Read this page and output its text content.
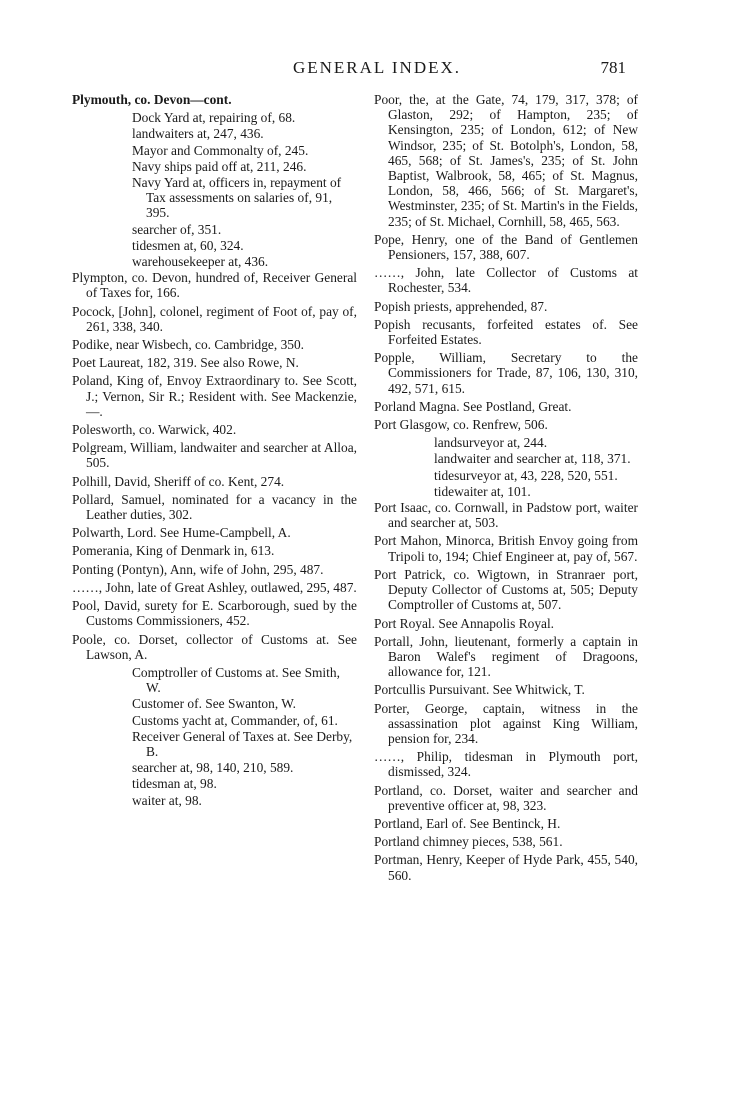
GENERAL INDEX.	781
Plymouth, co. Devon—cont.
Dock Yard at, repairing of, 68.
landwaiters at, 247, 436.
Mayor and Commonalty of, 245.
Navy ships paid off at, 211, 246.
Navy Yard at, officers in, repayment of Tax assessments on salaries of, 91, 395.
searcher of, 351.
tidesmen at, 60, 324.
warehousekeeper at, 436.
Plympton, co. Devon, hundred of, Receiver General of Taxes for, 166.
Pocock, [John], colonel, regiment of Foot of, pay of, 261, 338, 340.
Podike, near Wisbech, co. Cambridge, 350.
Poet Laureat, 182, 319. See also Rowe, N.
Poland, King of, Envoy Extraordinary to. See Scott, J.; Vernon, Sir R.; Resident with. See Mackenzie, —.
Polesworth, co. Warwick, 402.
Polgream, William, landwaiter and searcher at Alloa, 505.
Polhill, David, Sheriff of co. Kent, 274.
Pollard, Samuel, nominated for a vacancy in the Leather duties, 302.
Polwarth, Lord. See Hume-Campbell, A.
Pomerania, King of Denmark in, 613.
Ponting (Pontyn), Ann, wife of John, 295, 487.
……, John, late of Great Ashley, outlawed, 295, 487.
Pool, David, surety for E. Scarborough, sued by the Customs Commissioners, 452.
Poole, co. Dorset, collector of Customs at. See Lawson, A.
Comptroller of Customs at. See Smith, W.
Customer of. See Swanton, W.
Customs yacht at, Commander, of, 61.
Receiver General of Taxes at. See Derby, B.
searcher at, 98, 140, 210, 589.
tidesman at, 98.
waiter at, 98.
Poor, the, at the Gate, 74, 179, 317, 378; of Glaston, 292; of Hampton, 235; of Kensington, 235; of London, 612; of New Windsor, 235; of St. Botolph's, London, 58, 465, 568; of St. James's, 235; of St. John Baptist, Walbrook, 58, 465; of St. Magnus, London, 58, 466, 566; of St. Margaret's, Westminster, 235; of St. Martin's in the Fields, 235; of St. Michael, Cornhill, 58, 465, 563.
Pope, Henry, one of the Band of Gentlemen Pensioners, 157, 388, 607.
……, John, late Collector of Customs at Rochester, 534.
Popish priests, apprehended, 87.
Popish recusants, forfeited estates of. See Forfeited Estates.
Popple, William, Secretary to the Commissioners for Trade, 87, 106, 130, 310, 492, 571, 615.
Porland Magna. See Postland, Great.
Port Glasgow, co. Renfrew, 506.
landsurveyor at, 244.
landwaiter and searcher at, 118, 371.
tidesurveyor at, 43, 228, 520, 551.
tidewaiter at, 101.
Port Isaac, co. Cornwall, in Padstow port, waiter and searcher at, 503.
Port Mahon, Minorca, British Envoy going from Tripoli to, 194; Chief Engineer at, pay of, 567.
Port Patrick, co. Wigtown, in Stranraer port, Deputy Collector of Customs at, 505; Deputy Comptroller of Customs at, 507.
Port Royal. See Annapolis Royal.
Portall, John, lieutenant, formerly a captain in Baron Walef's regiment of Dragoons, allowance for, 121.
Portcullis Pursuivant. See Whitwick, T.
Porter, George, captain, witness in the assassination plot against King William, pension for, 234.
……, Philip, tidesman in Plymouth port, dismissed, 324.
Portland, co. Dorset, waiter and searcher and preventive officer at, 98, 323.
Portland, Earl of. See Bentinck, H.
Portland chimney pieces, 538, 561.
Portman, Henry, Keeper of Hyde Park, 455, 540, 560.
